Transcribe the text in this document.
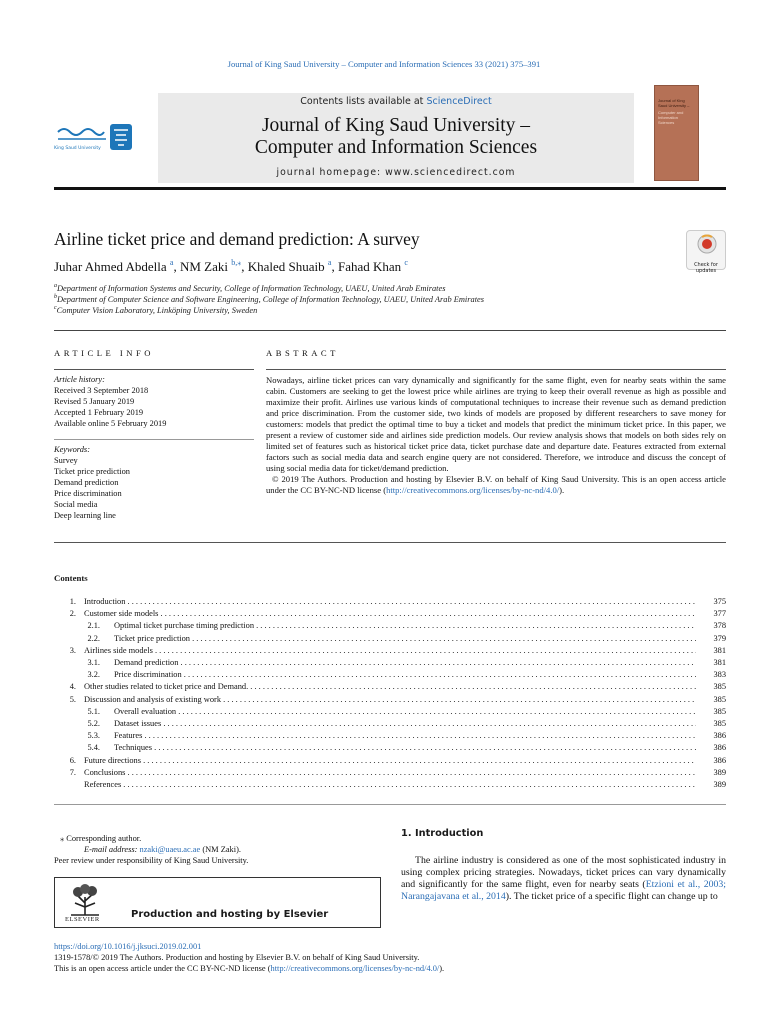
Journal of King Saud University – Computer and Information Sciences 33 (2021) 375–391
King Saud University
Contents lists available at ScienceDirect
Journal of King Saud University –
Computer and Information Sciences
journal homepage: www.sciencedirect.com
Journal of King Saud University –
Computer and Information Sciences
Airline ticket price and demand prediction: A survey
Check for updates
Juhar Ahmed Abdella $^a$, NM Zaki $^{b,⁎}$, Khaled Shuaib $^a$, Fahad Khan $^c$
$^a$Department of Information Systems and Security, College of Information Technology, UAEU, United Arab Emirates
$^b$Department of Computer Science and Software Engineering, College of Information Technology, UAEU, United Arab Emirates
$^c$Computer Vision Laboratory, Linköping University, Sweden
ARTICLE INFO	ABSTRACT
Article history:
Received 3 September 2018
Revised 5 January 2019
Accepted 1 February 2019
Available online 5 February 2019
Keywords:
Survey
Ticket price prediction
Demand prediction
Price discrimination
Social media
Deep learning line
Nowadays, airline ticket prices can vary dynamically and significantly for the same flight, even for nearby seats within the same cabin. Customers are seeking to get the lowest price while airlines are trying to keep their overall revenue as high as possible and maximize their profit. Airlines use various kinds of computational techniques to increase their revenue such as demand prediction and price discrimination. From the customer side, two kinds of models are proposed by different researchers to save money for customers: models that predict the optimal time to buy a ticket and models that predict the minimum ticket price. In this paper, we present a review of customer side and airlines side prediction models. Our review analysis shows that models on both sides rely on limited set of features such as historical ticket price data, ticket purchase date and departure date. Features extracted from external factors such as social media data and search engine query are not considered. Therefore, we introduce and discuss the concept of using social media data for ticket/demand prediction.
© 2019 The Authors. Production and hosting by Elsevier B.V. on behalf of King Saud University. This is an open access article under the CC BY-NC-ND license (http://creativecommons.org/licenses/by-nc-nd/4.0/).
Contents
1. Introduction . . .	375
2. Customer side models . . .	377
2.1. Optimal ticket purchase timing prediction . . .	378
2.2. Ticket price prediction . . .	379
3. Airlines side models . . .	381
3.1. Demand prediction . . .	381
3.2. Price discrimination . . .	383
4. Other studies related to ticket price and Demand. . . .	385
5. Discussion and analysis of existing work . . .	385
5.1. Overall evaluation . . .	385
5.2. Dataset issues . . .	385
5.3. Features . . .	386
5.4. Techniques . . .	386
6. Future directions . . .	386
7. Conclusions . . .	389
References . . .	389
⁎ Corresponding author.
E-mail address: nzaki@uaeu.ac.ae (NM Zaki).
Peer review under responsibility of King Saud University.
ELSEVIER	Production and hosting by Elsevier
1. Introduction
The airline industry is considered as one of the most sophisticated industry in using complex pricing strategies. Nowadays, ticket prices can vary dynamically and significantly for the same flight, even for nearby seats (Etzioni et al., 2003; Narangajavana et al., 2014). The ticket price of a specific flight can change up to
https://doi.org/10.1016/j.jksuci.2019.02.001
1319-1578/© 2019 The Authors. Production and hosting by Elsevier B.V. on behalf of King Saud University.
This is an open access article under the CC BY-NC-ND license (http://creativecommons.org/licenses/by-nc-nd/4.0/).
